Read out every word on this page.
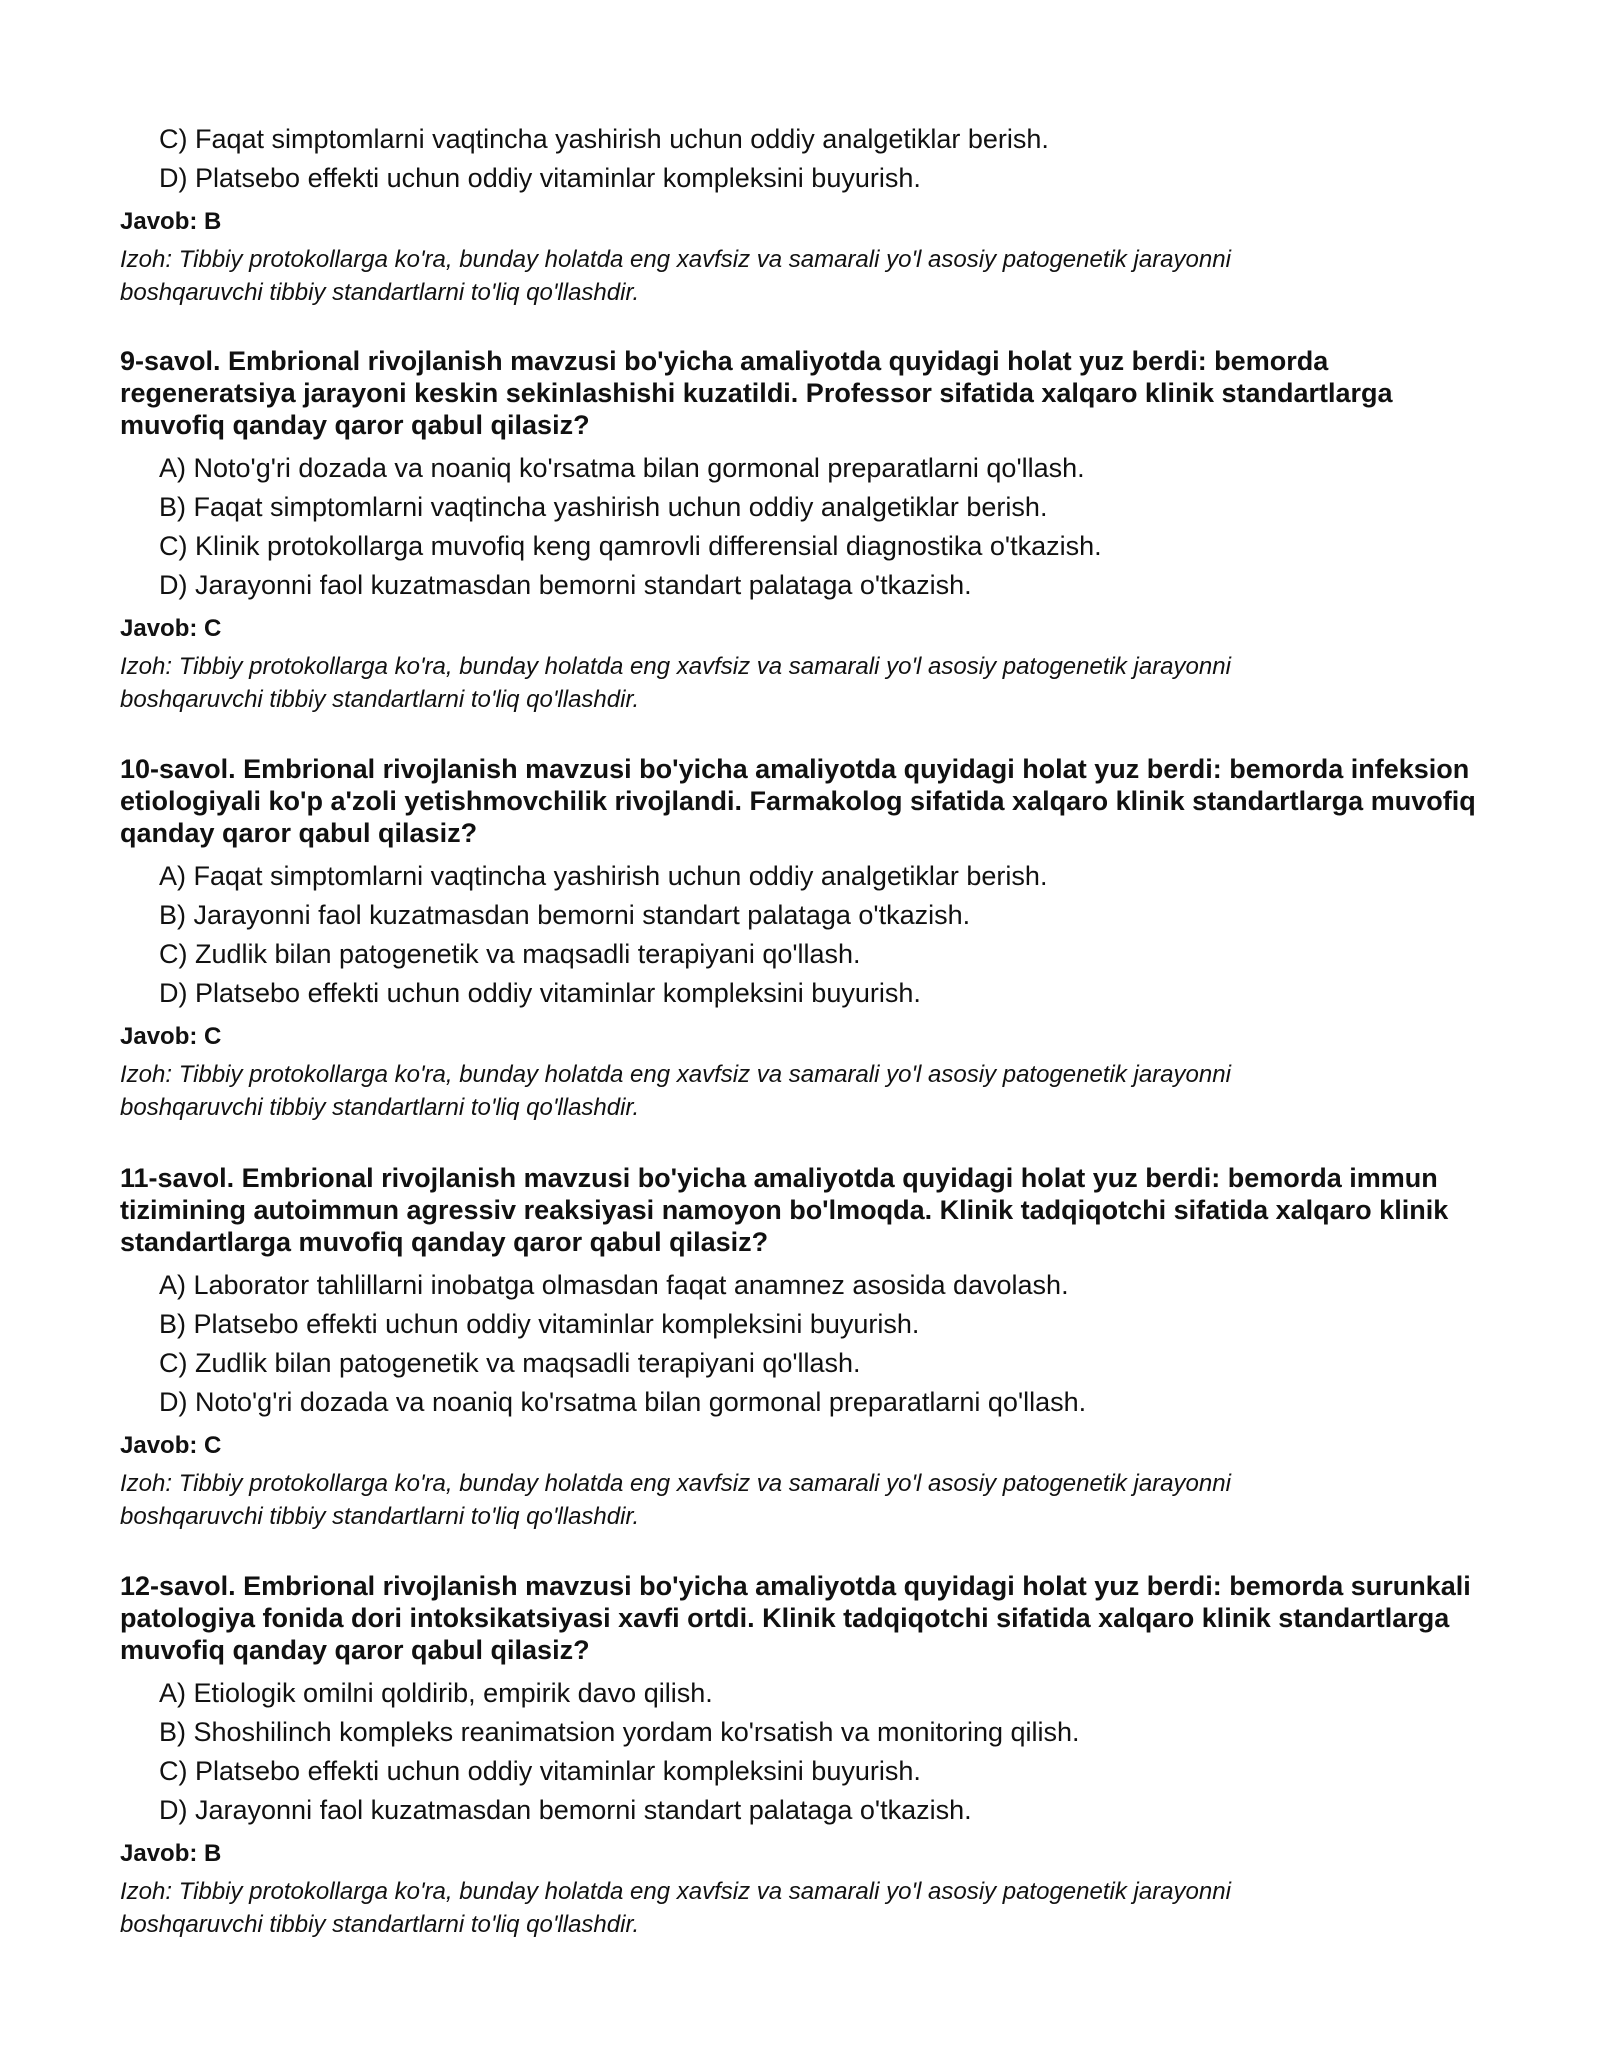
C) Faqat simptomlarni vaqtincha yashirish uchun oddiy analgetiklar berish.
D) Platsebo effekti uchun oddiy vitaminlar kompleksini buyurish.
Javob: B

Izoh: Tibbiy protokollarga ko'ra, bunday holatda eng xavfsiz va samarali yo'l asosiy patogenetik jarayonni boshqaruvchi tibbiy standartlarni to'liq qo'llashdir.

9-savol. Embrional rivojlanish mavzusi bo'yicha amaliyotda quyidagi holat yuz berdi: bemorda regeneratsiya jarayoni keskin sekinlashishi kuzatildi. Professor sifatida xalqaro klinik standartlarga muvofiq qanday qaror qabul qilasiz?

A) Noto'g'ri dozada va noaniq ko'rsatma bilan gormonal preparatlarni qo'llash.
B) Faqat simptomlarni vaqtincha yashirish uchun oddiy analgetiklar berish.
C) Klinik protokollarga muvofiq keng qamrovli differensial diagnostika o'tkazish.
D) Jarayonni faol kuzatmasdan bemorni standart palataga o'tkazish.
Javob: C

Izoh: Tibbiy protokollarga ko'ra, bunday holatda eng xavfsiz va samarali yo'l asosiy patogenetik jarayonni boshqaruvchi tibbiy standartlarni to'liq qo'llashdir.

10-savol. Embrional rivojlanish mavzusi bo'yicha amaliyotda quyidagi holat yuz berdi: bemorda infeksion etiologiyali ko'p a'zoli yetishmovchilik rivojlandi. Farmakolog sifatida xalqaro klinik standartlarga muvofiq qanday qaror qabul qilasiz?

A) Faqat simptomlarni vaqtincha yashirish uchun oddiy analgetiklar berish.
B) Jarayonni faol kuzatmasdan bemorni standart palataga o'tkazish.
C) Zudlik bilan patogenetik va maqsadli terapiyani qo'llash.
D) Platsebo effekti uchun oddiy vitaminlar kompleksini buyurish.
Javob: C

Izoh: Tibbiy protokollarga ko'ra, bunday holatda eng xavfsiz va samarali yo'l asosiy patogenetik jarayonni boshqaruvchi tibbiy standartlarni to'liq qo'llashdir.

11-savol. Embrional rivojlanish mavzusi bo'yicha amaliyotda quyidagi holat yuz berdi: bemorda immun tizimining autoimmun agressiv reaksiyasi namoyon bo'lmoqda. Klinik tadqiqotchi sifatida xalqaro klinik standartlarga muvofiq qanday qaror qabul qilasiz?

A) Laborator tahlillarni inobatga olmasdan faqat anamnez asosida davolash.
B) Platsebo effekti uchun oddiy vitaminlar kompleksini buyurish.
C) Zudlik bilan patogenetik va maqsadli terapiyani qo'llash.
D) Noto'g'ri dozada va noaniq ko'rsatma bilan gormonal preparatlarni qo'llash.
Javob: C

Izoh: Tibbiy protokollarga ko'ra, bunday holatda eng xavfsiz va samarali yo'l asosiy patogenetik jarayonni boshqaruvchi tibbiy standartlarni to'liq qo'llashdir.

12-savol. Embrional rivojlanish mavzusi bo'yicha amaliyotda quyidagi holat yuz berdi: bemorda surunkali patologiya fonida dori intoksikatsiyasi xavfi ortdi. Klinik tadqiqotchi sifatida xalqaro klinik standartlarga muvofiq qanday qaror qabul qilasiz?

A) Etiologik omilni qoldirib, empirik davo qilish.
B) Shoshilinch kompleks reanimatsion yordam ko'rsatish va monitoring qilish.
C) Platsebo effekti uchun oddiy vitaminlar kompleksini buyurish.
D) Jarayonni faol kuzatmasdan bemorni standart palataga o'tkazish.
Javob: B

Izoh: Tibbiy protokollarga ko'ra, bunday holatda eng xavfsiz va samarali yo'l asosiy patogenetik jarayonni boshqaruvchi tibbiy standartlarni to'liq qo'llashdir.
